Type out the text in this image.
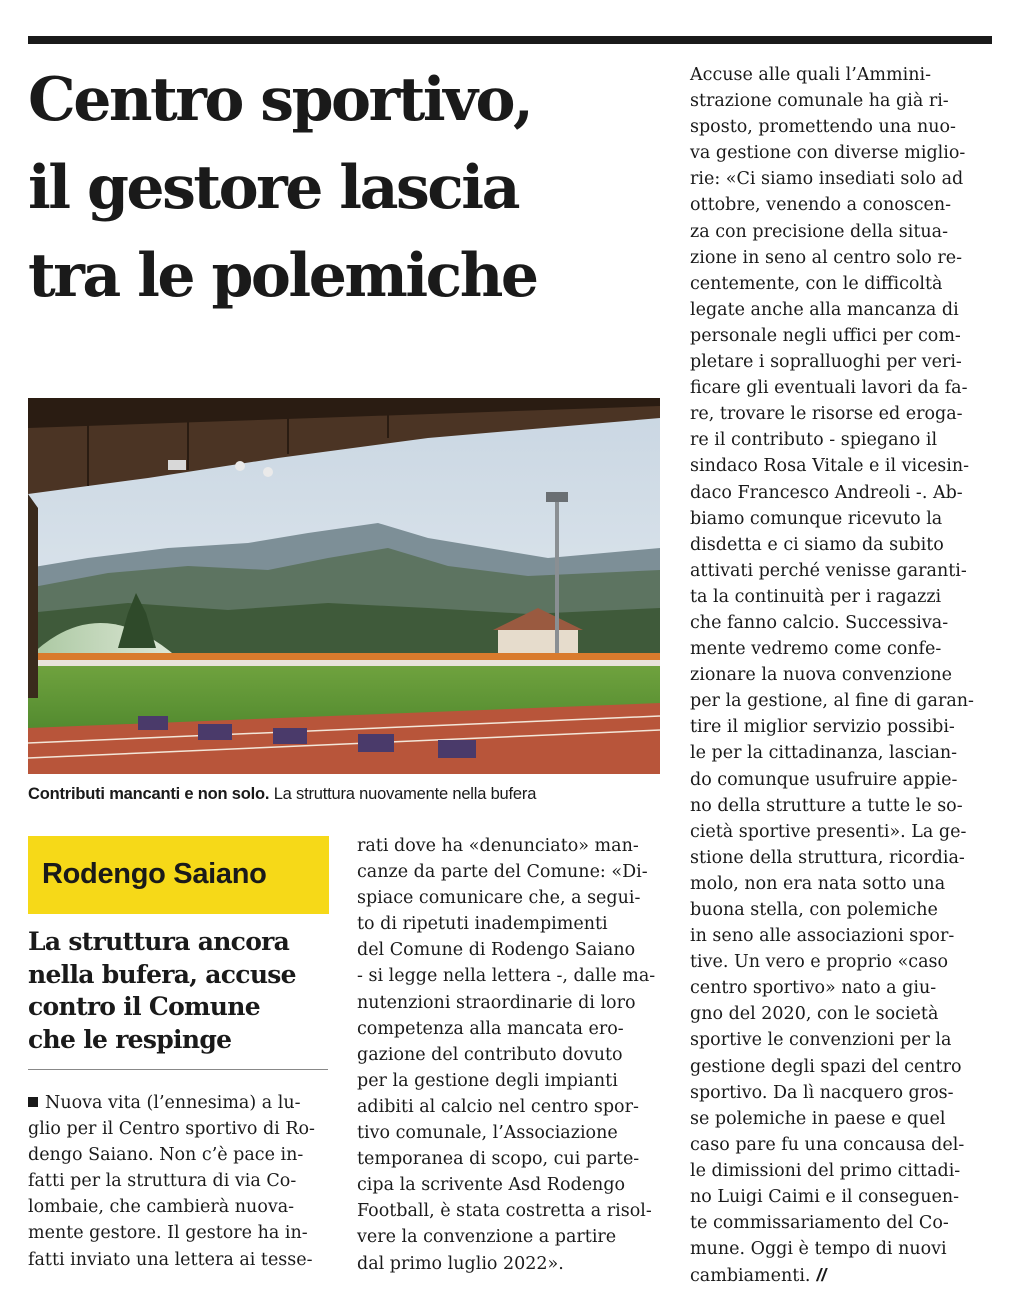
Centro sportivo,
il gestore lascia
tra le polemiche

Contributi mancanti e non solo. La struttura nuovamente nella bufera

Rodengo Saiano
La struttura ancora
nella bufera, accuse
contro il Comune
che le respinge
Nuova vita (l’ennesima) a lu-
glio per il Centro sportivo di Ro-
dengo Saiano. Non c’è pace in-
fatti per la struttura di via Co-
lombaie, che cambierà nuova-
mente gestore. Il gestore ha in-
fatti inviato una lettera ai tesse-
rati dove ha «denunciato» man-
canze da parte del Comune: «Di-
spiace comunicare che, a segui-
to di ripetuti inadempimenti
del Comune di Rodengo Saiano
- si legge nella lettera -, dalle ma-
nutenzioni straordinarie di loro
competenza alla mancata ero-
gazione del contributo dovuto
per la gestione degli impianti
adibiti al calcio nel centro spor-
tivo comunale, l’Associazione
temporanea di scopo, cui parte-
cipa la scrivente Asd Rodengo
Football, è stata costretta a risol-
vere la convenzione a partire
dal primo luglio 2022».
Accuse alle quali l’Ammini-
strazione comunale ha già ri-
sposto, promettendo una nuo-
va gestione con diverse miglio-
rie: «Ci siamo insediati solo ad
ottobre, venendo a conoscen-
za con precisione della situa-
zione in seno al centro solo re-
centemente, con le difficoltà
legate anche alla mancanza di
personale negli uffici per com-
pletare i sopralluoghi per veri-
ficare gli eventuali lavori da fa-
re, trovare le risorse ed eroga-
re il contributo - spiegano il
sindaco Rosa Vitale e il vicesin-
daco Francesco Andreoli -. Ab-
biamo comunque ricevuto la
disdetta e ci siamo da subito
attivati perché venisse garanti-
ta la continuità per i ragazzi
che fanno calcio. Successiva-
mente vedremo come confe-
zionare la nuova convenzione
per la gestione, al fine di garan-
tire il miglior servizio possibi-
le per la cittadinanza, lascian-
do comunque usufruire appie-
no della strutture a tutte le so-
cietà sportive presenti». La ge-
stione della struttura, ricordia-
molo, non era nata sotto una
buona stella, con polemiche
in seno alle associazioni spor-
tive. Un vero e proprio «caso
centro sportivo» nato a giu-
gno del 2020, con le società
sportive le convenzioni per la
gestione degli spazi del centro
sportivo. Da lì nacquero gros-
se polemiche in paese e quel
caso pare fu una concausa del-
le dimissioni del primo cittadi-
no Luigi Caimi e il conseguen-
te commissariamento del Co-
mune. Oggi è tempo di nuovi
cambiamenti. //
